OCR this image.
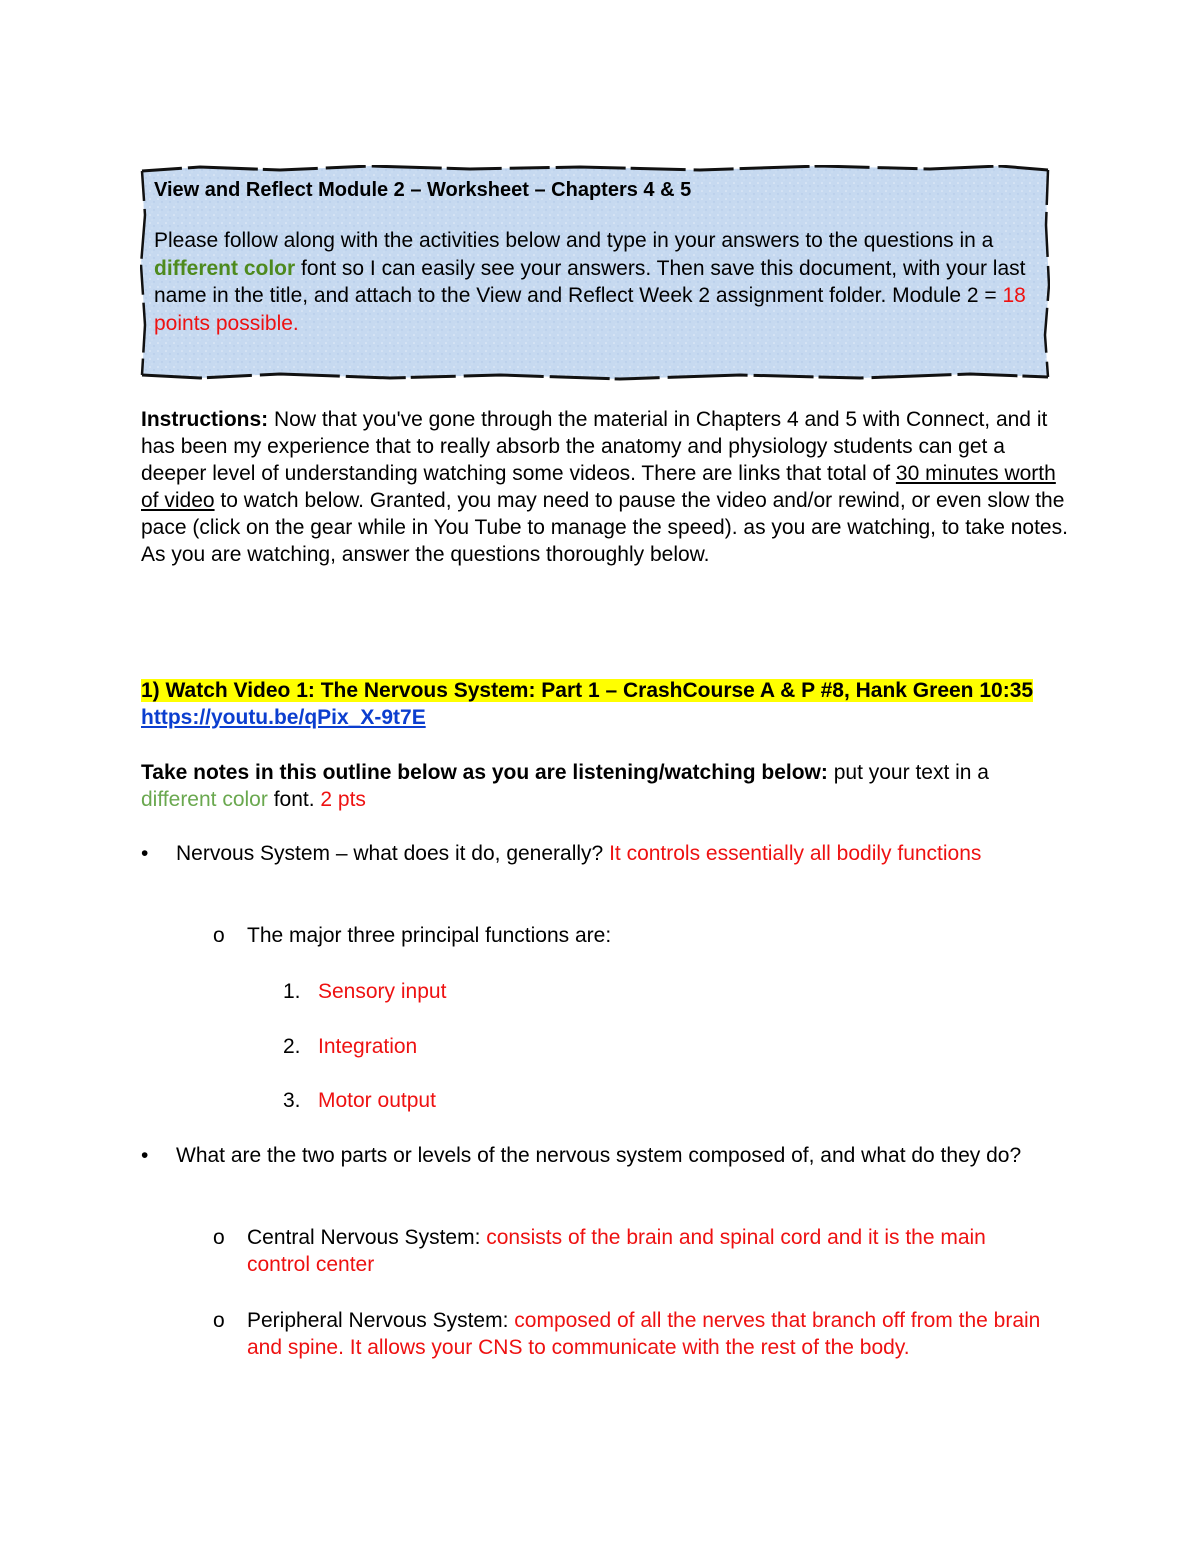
View and Reflect Module 2 – Worksheet – Chapters 4 & 5

Please follow along with the activities below and type in your answers to the questions in a different color font so I can easily see your answers. Then save this document, with your last name in the title, and attach to the View and Reflect Week 2 assignment folder. Module 2 = 18 points possible.

Instructions: Now that you've gone through the material in Chapters 4 and 5 with Connect, and it has been my experience that to really absorb the anatomy and physiology students can get a deeper level of understanding watching some videos. There are links that total of 30 minutes worth of video to watch below. Granted, you may need to pause the video and/or rewind, or even slow the pace (click on the gear while in You Tube to manage the speed). as you are watching, to take notes. As you are watching, answer the questions thoroughly below.

1) Watch Video 1: The Nervous System: Part 1 – CrashCourse A & P #8, Hank Green 10:35 https://youtu.be/qPix_X-9t7E

Take notes in this outline below as you are listening/watching below: put your text in a different color font. 2 pts

• Nervous System – what does it do, generally? It controls essentially all bodily functions

o The major three principal functions are:

1. Sensory input

2. Integration

3. Motor output

• What are the two parts or levels of the nervous system composed of, and what do they do?

o Central Nervous System: consists of the brain and spinal cord and it is the main control center

o Peripheral Nervous System: composed of all the nerves that branch off from the brain and spine. It allows your CNS to communicate with the rest of the body.
